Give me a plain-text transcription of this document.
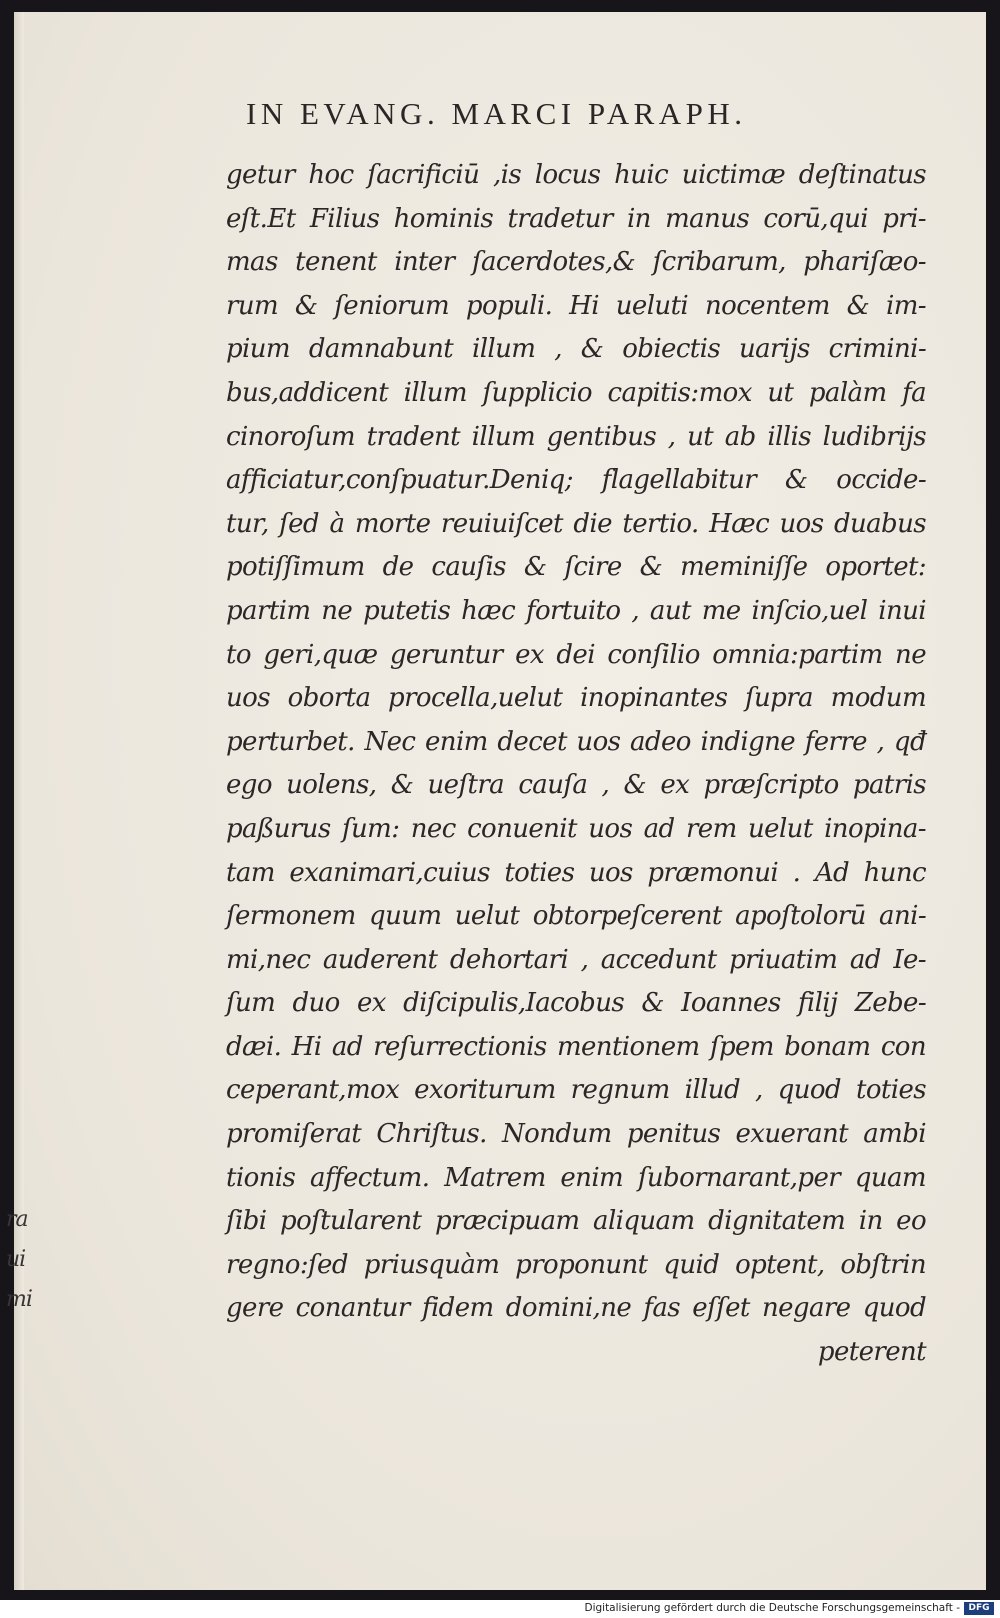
ra
ui
mi
IN EVANG. MARCI PARAPH.
getur hoc ſacrificiū ,is locus huic uictimæ deſtinatus
eſt.Et Filius hominis tradetur in manus corū,qui pri-
mas tenent inter ſacerdotes,& ſcribarum, phariſæo-
rum & ſeniorum populi. Hi ueluti nocentem & im-
pium damnabunt illum , & obiectis uarijs crimini-
bus,addicent illum ſupplicio capitis:mox ut palàm fa
cinoroſum tradent illum gentibus , ut ab illis ludibrijs
afficiatur,conſpuatur.Deniq; flagellabitur & occide-
tur, ſed à morte reuiuiſcet die tertio. Hæc uos duabus
potiſſimum de cauſis & ſcire & meminiſſe oportet:
partim ne putetis hæc fortuito , aut me inſcio,uel inui
to geri,quæ geruntur ex dei conſilio omnia:partim ne
uos oborta procella,uelut inopinantes ſupra modum
perturbet. Nec enim decet uos adeo indigne ferre , qđ
ego uolens, & ueſtra cauſa , & ex præſcripto patris
paßurus ſum: nec conuenit uos ad rem uelut inopina-
tam exanimari,cuius toties uos præmonui . Ad hunc
ſermonem quum uelut obtorpeſcerent apoſtolorū ani-
mi,nec auderent dehortari , accedunt priuatim ad Ie-
ſum duo ex diſcipulis,Iacobus & Ioannes filij Zebe-
dæi. Hi ad reſurrectionis mentionem ſpem bonam con
ceperant,mox exoriturum regnum illud , quod toties
promiſerat Chriſtus. Nondum penitus exuerant ambi
tionis affectum. Matrem enim ſubornarant,per quam
ſibi poſtularent præcipuam aliquam dignitatem in eo
regno:ſed priusquàm proponunt quid optent, obſtrin
gere conantur fidem domini,ne fas eſſet negare quod
peterent
Digitalisierung gefördert durch die Deutsche Forschungsgemeinschaft - DFG
